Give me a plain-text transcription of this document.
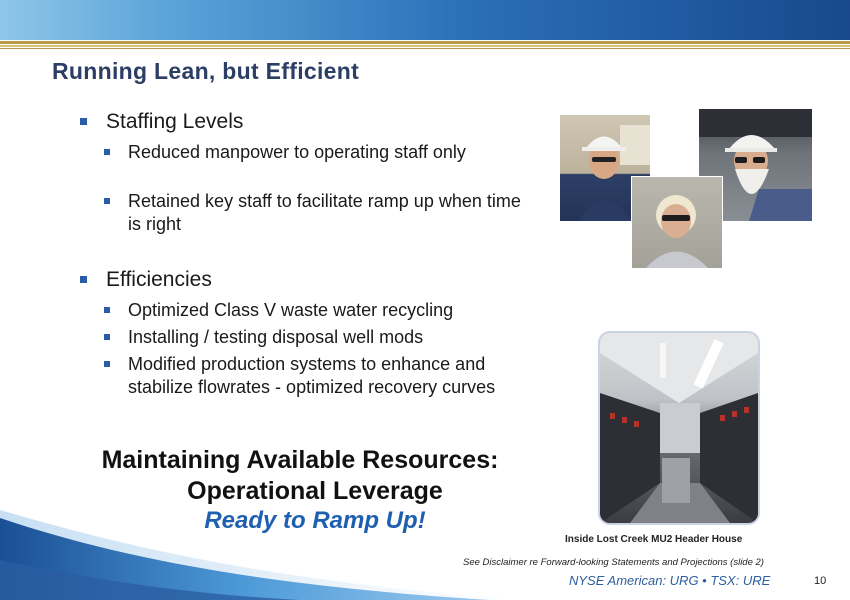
Running Lean, but Efficient
Staffing Levels
Reduced manpower to operating staff only
Retained key staff to facilitate ramp up when time is right
Efficiencies
Optimized Class V waste water recycling
Installing / testing disposal well mods
Modified production systems to enhance and stabilize flowrates - optimized recovery curves
Maintaining Available Resources:
Operational Leverage
Ready to Ramp Up!
Inside Lost Creek MU2 Header House
See Disclaimer re Forward-looking Statements and Projections (slide 2)
NYSE American: URG • TSX: URE	10
